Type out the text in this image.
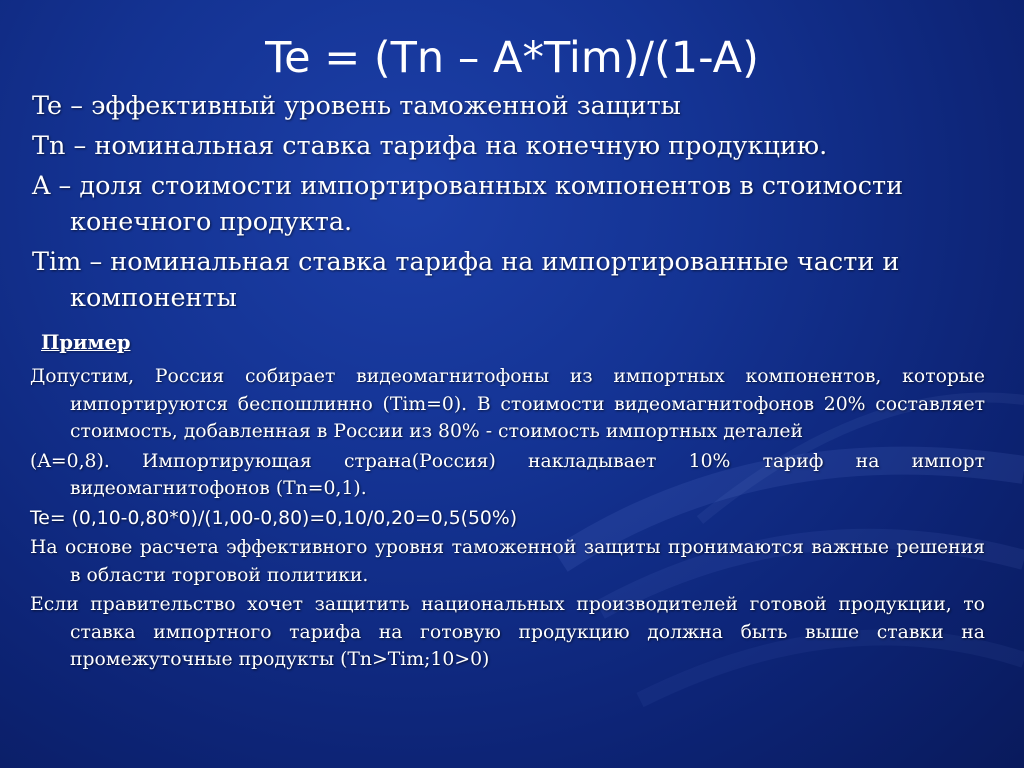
Te = (Tn – A*Tim)/(1-A)
Te – эффективный уровень таможенной защиты
Tn – номинальная ставка тарифа на конечную продукцию.
A – доля стоимости импортированных компонентов в стоимости конечного продукта.
Tim – номинальная ставка тарифа на импортированные части и компоненты
Пример
Допустим, Россия собирает видеомагнитофоны из импортных компонентов, которые импортируются беспошлинно (Tim=0). В стоимости видеомагнитофонов 20% составляет стоимость, добавленная в России из 80% - стоимость импортных деталей
(A=0,8). Импортирующая страна(Россия) накладывает 10% тариф на импорт видеомагнитофонов (Tn=0,1).
Te= (0,10-0,80*0)/(1,00-0,80)=0,10/0,20=0,5(50%)
На основе расчета эффективного уровня таможенной защиты пронимаются важные решения в области торговой политики.
Если правительство хочет защитить национальных производителей готовой продукции, то ставка импортного тарифа на готовую продукцию должна быть выше ставки на промежуточные продукты (Tn>Tim;10>0)
